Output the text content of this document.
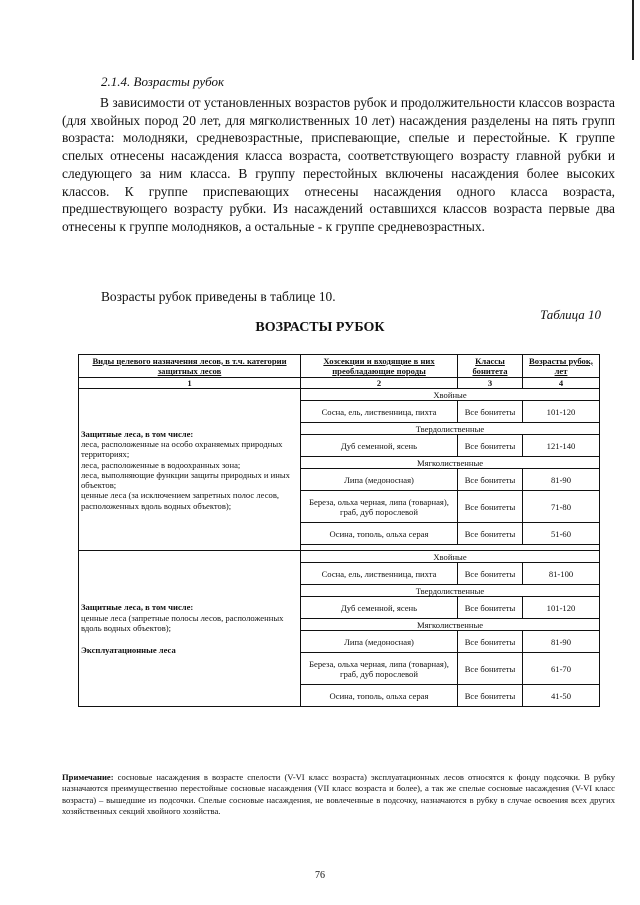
2.1.4. Возрасты рубок
В зависимости от установленных возрастов рубок и продолжительности классов возраста (для хвойных пород 20 лет, для мягколиственных 10 лет) насаждения разделены на пять групп возраста: молодняки, средневозрастные, приспевающие, спелые и перестойные. К группе спелых отнесены насаждения класса возраста, соответствующего возрасту главной рубки и следующего за ним класса. В группу перестойных включены насаждения более высоких классов. К группе приспевающих отнесены насаждения одного класса возраста, предшествующего возрасту рубки. Из насаждений оставшихся классов возраста первые два отнесены к группе молодняков, а остальные - к группе средневозрастных.
Возрасты рубок приведены в таблице 10.
Таблица 10
ВОЗРАСТЫ РУБОК
Виды целевого назначения лесов, в т.ч. категории защитных лесов	Хозсекции и входящие в них преобладающие породы	Классы бонитета	Возрасты рубок, лет
1	2	3	4

Защитные леса, в том числе:
леса, расположенные на особо охраняемых природных территориях;
леса, расположенные в водоохранных зона;
леса, выполняющие функции защиты природных и иных объектов;
ценные леса (за исключением запретных полос лесов, расположенных вдоль водных объектов);	Хвойные		
	Сосна, ель, лиственница, пихта	Все бонитеты	101-120
	Твердолиственные		
	Дуб семенной, ясень	Все бонитеты	121-140
	Мягколиственные		
	Липа (медоносная)	Все бонитеты	81-90
	Береза, ольха черная, липа (товарная), граб, дуб порослевой	Все бонитеты	71-80
	Осина, тополь, ольха серая	Все бонитеты	51-60

Защитные леса, в том числе:
ценные леса (запретные полосы лесов, расположенных вдоль водных объектов);
Эксплуатационные леса	Хвойные		
	Сосна, ель, лиственница, пихта	Все бонитеты	81-100
	Твердолиственные		
	Дуб семенной, ясень	Все бонитеты	101-120
	Мягколиственные		
	Липа (медоносная)	Все бонитеты	81-90
	Береза, ольха черная, липа (товарная), граб, дуб порослевой	Все бонитеты	61-70
	Осина, тополь, ольха серая	Все бонитеты	41-50
Примечание: сосновые насаждения в возрасте спелости (V-VI класс возраста) эксплуатационных лесов относятся к фонду подсочки. В рубку назначаются преимущественно перестойные сосновые насаждения (VII класс возраста и более), а так же спелые сосновые насаждения (V-VI класс возраста) – вышедшие из подсочки. Спелые сосновые насаждения, не вовлеченные в подсочку, назначаются в рубку в случае освоения всех других хозяйственных секций хвойного хозяйства.
76
